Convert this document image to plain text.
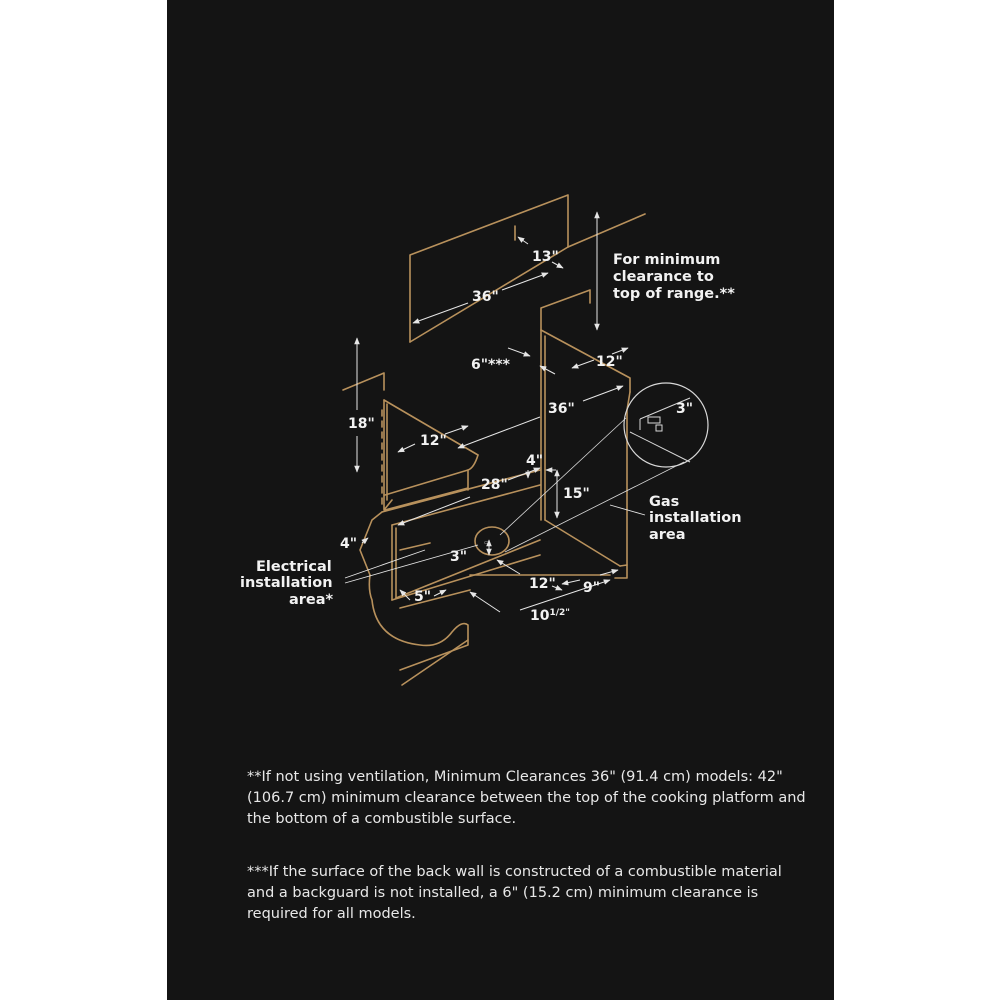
▭
13"
36"
For minimum
clearance to
top of range.**
6"***	12"
36"
18"
12"
3"
4"
28"
15"	Gas
installation
area
4"
Electrical
installation
area*
3"
12" 9"
5"
$10^{1/2"}$

**If not using ventilation, Minimum Clearances 36" (91.4 cm) models: 42" (106.7 cm) minimum clearance between the top of the cooking platform and the bottom of a combustible surface.

***If the surface of the back wall is constructed of a combustible material and a backguard is not installed, a 6" (15.2 cm) minimum clearance is required for all models.
